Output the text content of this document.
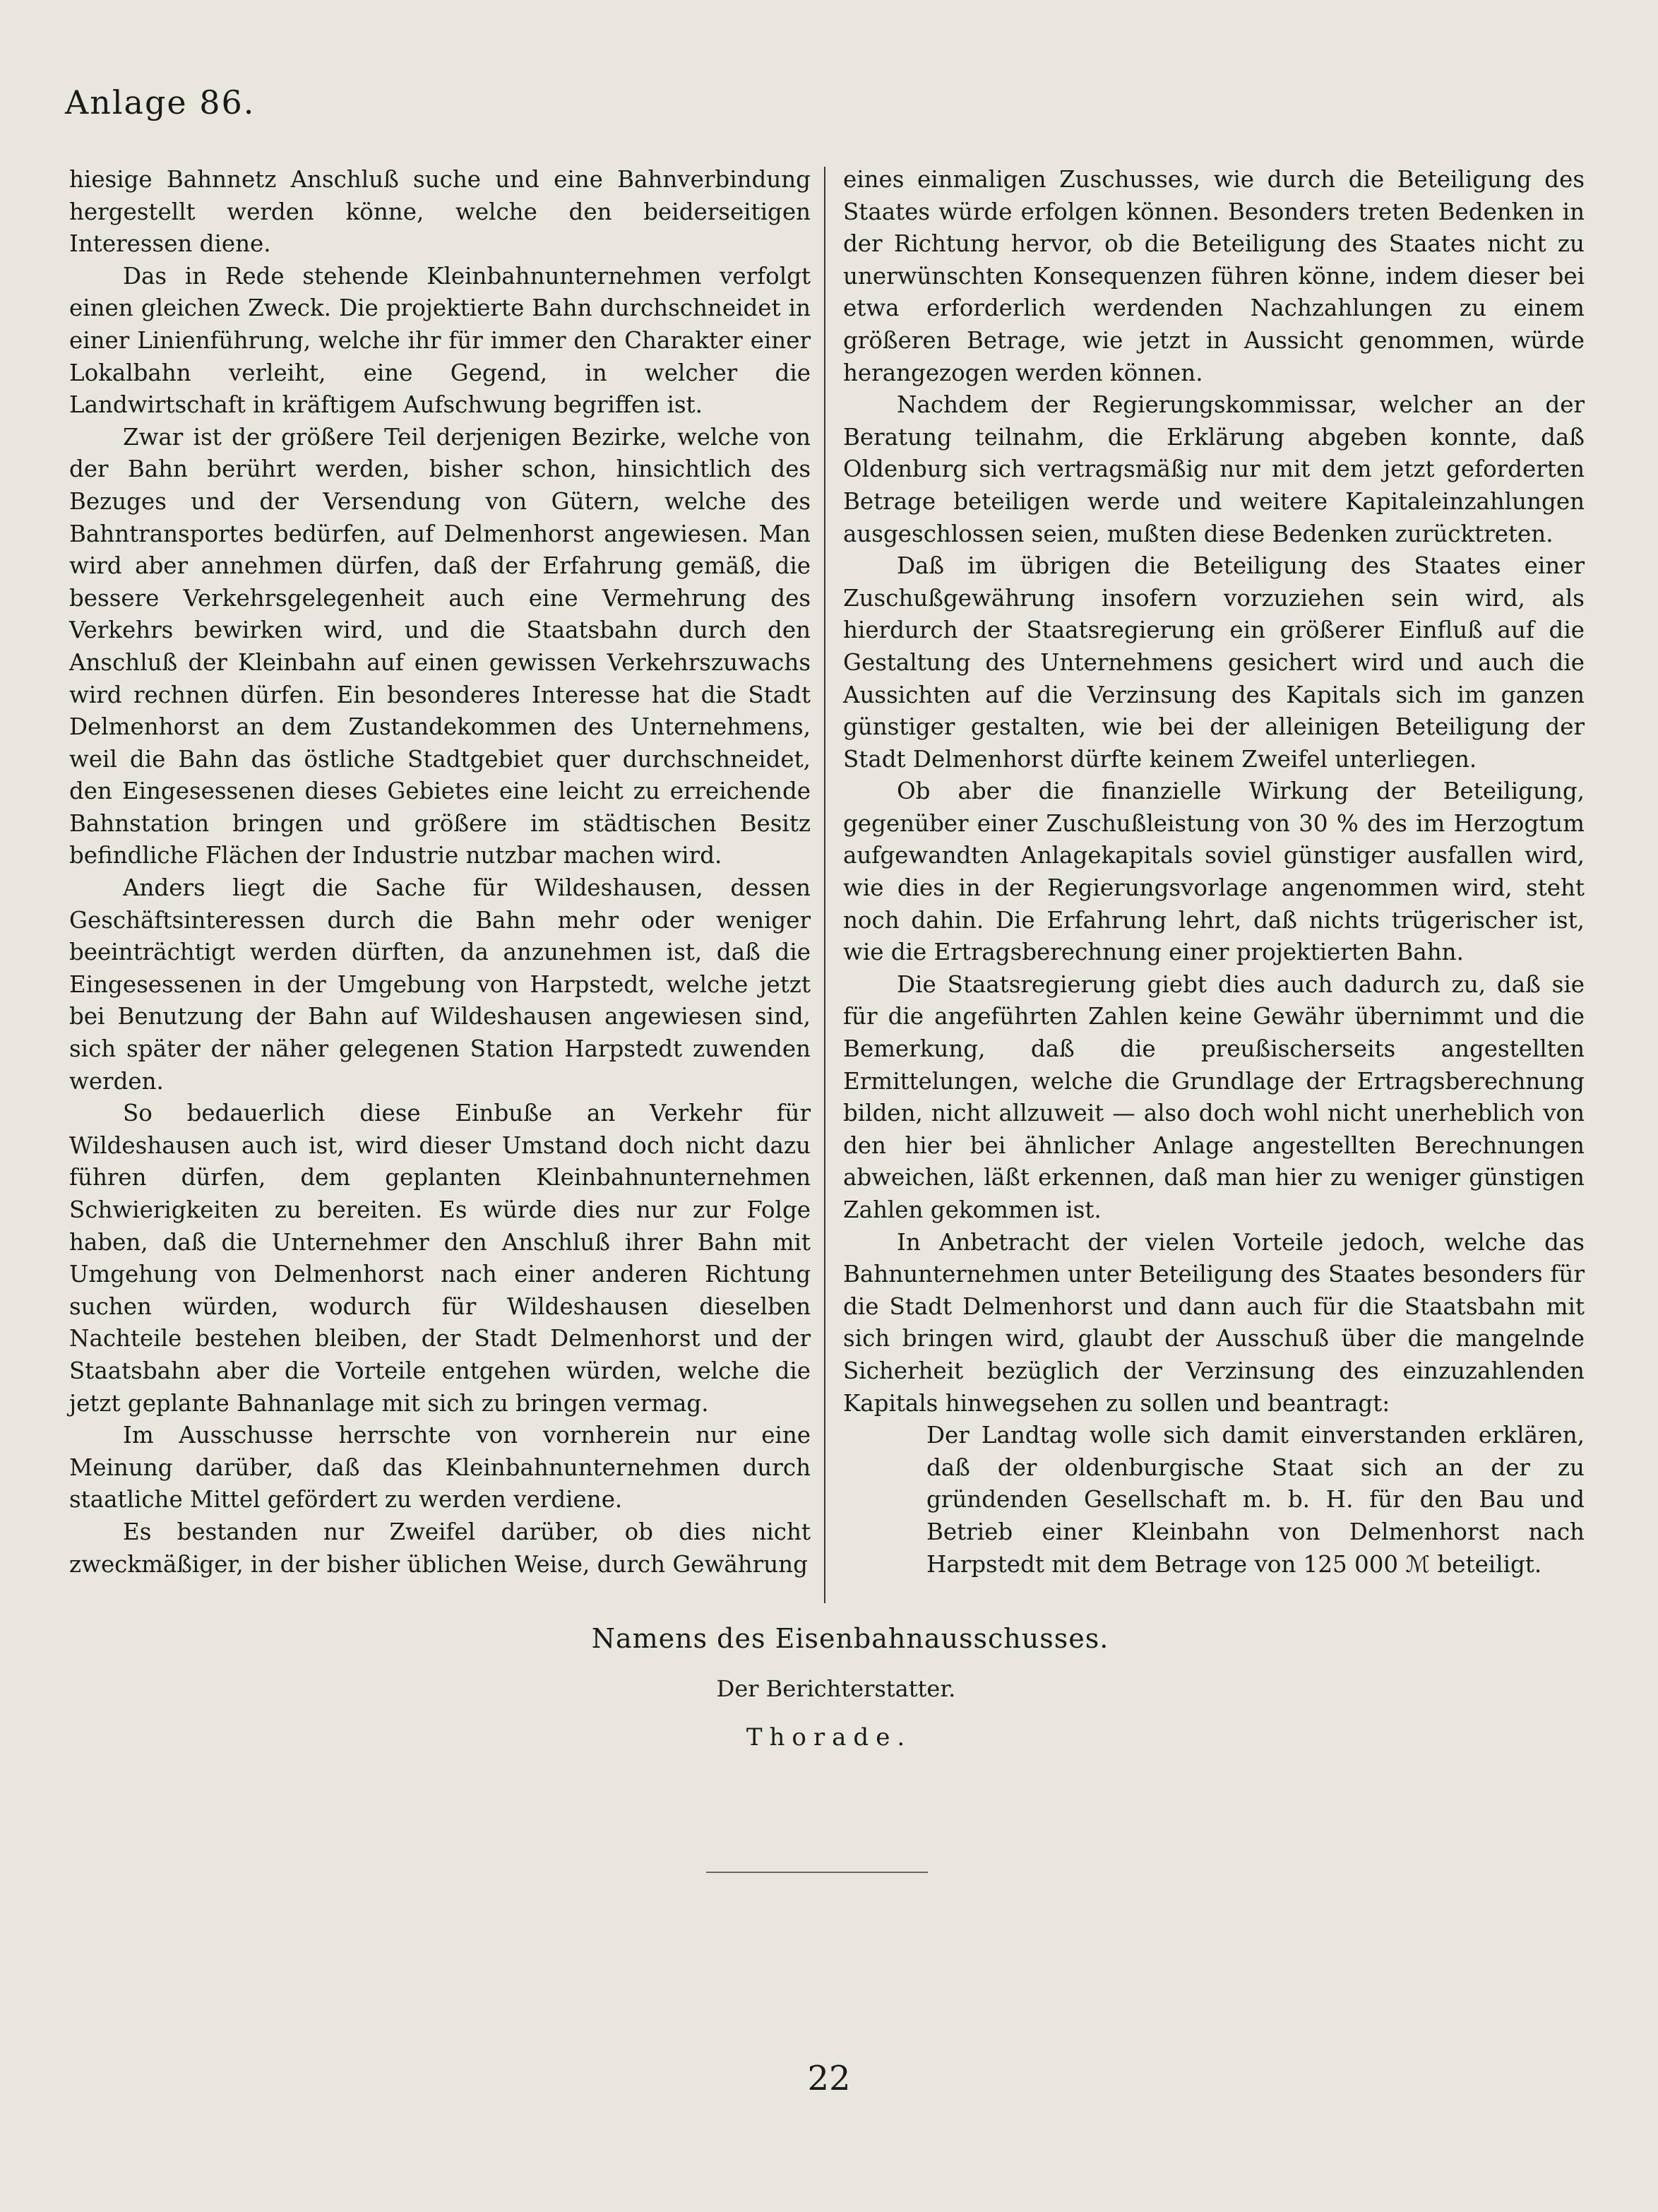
Anlage 86.

hiesige Bahnnetz Anschluß suche und eine Bahnverbindung hergestellt werden könne, welche den beiderseitigen Interessen diene.

Das in Rede stehende Kleinbahnunternehmen verfolgt einen gleichen Zweck. Die projektierte Bahn durchschneidet in einer Linienführung, welche ihr für immer den Charakter einer Lokalbahn verleiht, eine Gegend, in welcher die Landwirtschaft in kräftigem Aufschwung begriffen ist.

Zwar ist der größere Teil derjenigen Bezirke, welche von der Bahn berührt werden, bisher schon, hinsichtlich des Bezuges und der Versendung von Gütern, welche des Bahntransportes bedürfen, auf Delmenhorst angewiesen. Man wird aber annehmen dürfen, daß der Erfahrung gemäß, die bessere Verkehrsgelegenheit auch eine Vermehrung des Verkehrs bewirken wird, und die Staatsbahn durch den Anschluß der Kleinbahn auf einen gewissen Verkehrszuwachs wird rechnen dürfen. Ein besonderes Interesse hat die Stadt Delmenhorst an dem Zustandekommen des Unternehmens, weil die Bahn das östliche Stadtgebiet quer durchschneidet, den Eingesessenen dieses Gebietes eine leicht zu erreichende Bahnstation bringen und größere im städtischen Besitz befindliche Flächen der Industrie nutzbar machen wird.

Anders liegt die Sache für Wildeshausen, dessen Geschäftsinteressen durch die Bahn mehr oder weniger beeinträchtigt werden dürften, da anzunehmen ist, daß die Eingesessenen in der Umgebung von Harpstedt, welche jetzt bei Benutzung der Bahn auf Wildeshausen angewiesen sind, sich später der näher gelegenen Station Harpstedt zuwenden werden.

So bedauerlich diese Einbuße an Verkehr für Wildeshausen auch ist, wird dieser Umstand doch nicht dazu führen dürfen, dem geplanten Kleinbahnunternehmen Schwierigkeiten zu bereiten. Es würde dies nur zur Folge haben, daß die Unternehmer den Anschluß ihrer Bahn mit Umgehung von Delmenhorst nach einer anderen Richtung suchen würden, wodurch für Wildeshausen dieselben Nachteile bestehen bleiben, der Stadt Delmenhorst und der Staatsbahn aber die Vorteile entgehen würden, welche die jetzt geplante Bahnanlage mit sich zu bringen vermag.

Im Ausschusse herrschte von vornherein nur eine Meinung darüber, daß das Kleinbahnunternehmen durch staatliche Mittel gefördert zu werden verdiene.

Es bestanden nur Zweifel darüber, ob dies nicht zweckmäßiger, in der bisher üblichen Weise, durch Gewährung

eines einmaligen Zuschusses, wie durch die Beteiligung des Staates würde erfolgen können. Besonders treten Bedenken in der Richtung hervor, ob die Beteiligung des Staates nicht zu unerwünschten Konsequenzen führen könne, indem dieser bei etwa erforderlich werdenden Nachzahlungen zu einem größeren Betrage, wie jetzt in Aussicht genommen, würde herangezogen werden können.

Nachdem der Regierungskommissar, welcher an der Beratung teilnahm, die Erklärung abgeben konnte, daß Oldenburg sich vertragsmäßig nur mit dem jetzt geforderten Betrage beteiligen werde und weitere Kapitaleinzahlungen ausgeschlossen seien, mußten diese Bedenken zurücktreten.

Daß im übrigen die Beteiligung des Staates einer Zuschußgewährung insofern vorzuziehen sein wird, als hierdurch der Staatsregierung ein größerer Einfluß auf die Gestaltung des Unternehmens gesichert wird und auch die Aussichten auf die Verzinsung des Kapitals sich im ganzen günstiger gestalten, wie bei der alleinigen Beteiligung der Stadt Delmenhorst dürfte keinem Zweifel unterliegen.

Ob aber die finanzielle Wirkung der Beteiligung, gegenüber einer Zuschußleistung von 30 % des im Herzogtum aufgewandten Anlagekapitals soviel günstiger ausfallen wird, wie dies in der Regierungsvorlage angenommen wird, steht noch dahin. Die Erfahrung lehrt, daß nichts trügerischer ist, wie die Ertragsberechnung einer projektierten Bahn.

Die Staatsregierung giebt dies auch dadurch zu, daß sie für die angeführten Zahlen keine Gewähr übernimmt und die Bemerkung, daß die preußischerseits angestellten Ermittelungen, welche die Grundlage der Ertragsberechnung bilden, nicht allzuweit — also doch wohl nicht unerheblich von den hier bei ähnlicher Anlage angestellten Berechnungen abweichen, läßt erkennen, daß man hier zu weniger günstigen Zahlen gekommen ist.

In Anbetracht der vielen Vorteile jedoch, welche das Bahnunternehmen unter Beteiligung des Staates besonders für die Stadt Delmenhorst und dann auch für die Staatsbahn mit sich bringen wird, glaubt der Ausschuß über die mangelnde Sicherheit bezüglich der Verzinsung des einzuzahlenden Kapitals hinwegsehen zu sollen und beantragt:

Der Landtag wolle sich damit einverstanden erklären, daß der oldenburgische Staat sich an der zu gründenden Gesellschaft m. b. H. für den Bau und Betrieb einer Kleinbahn von Delmenhorst nach Harpstedt mit dem Betrage von 125 000 ℳ beteiligt.

Namens des Eisenbahnausschusses.
Der Berichterstatter.
Thorade.
22
